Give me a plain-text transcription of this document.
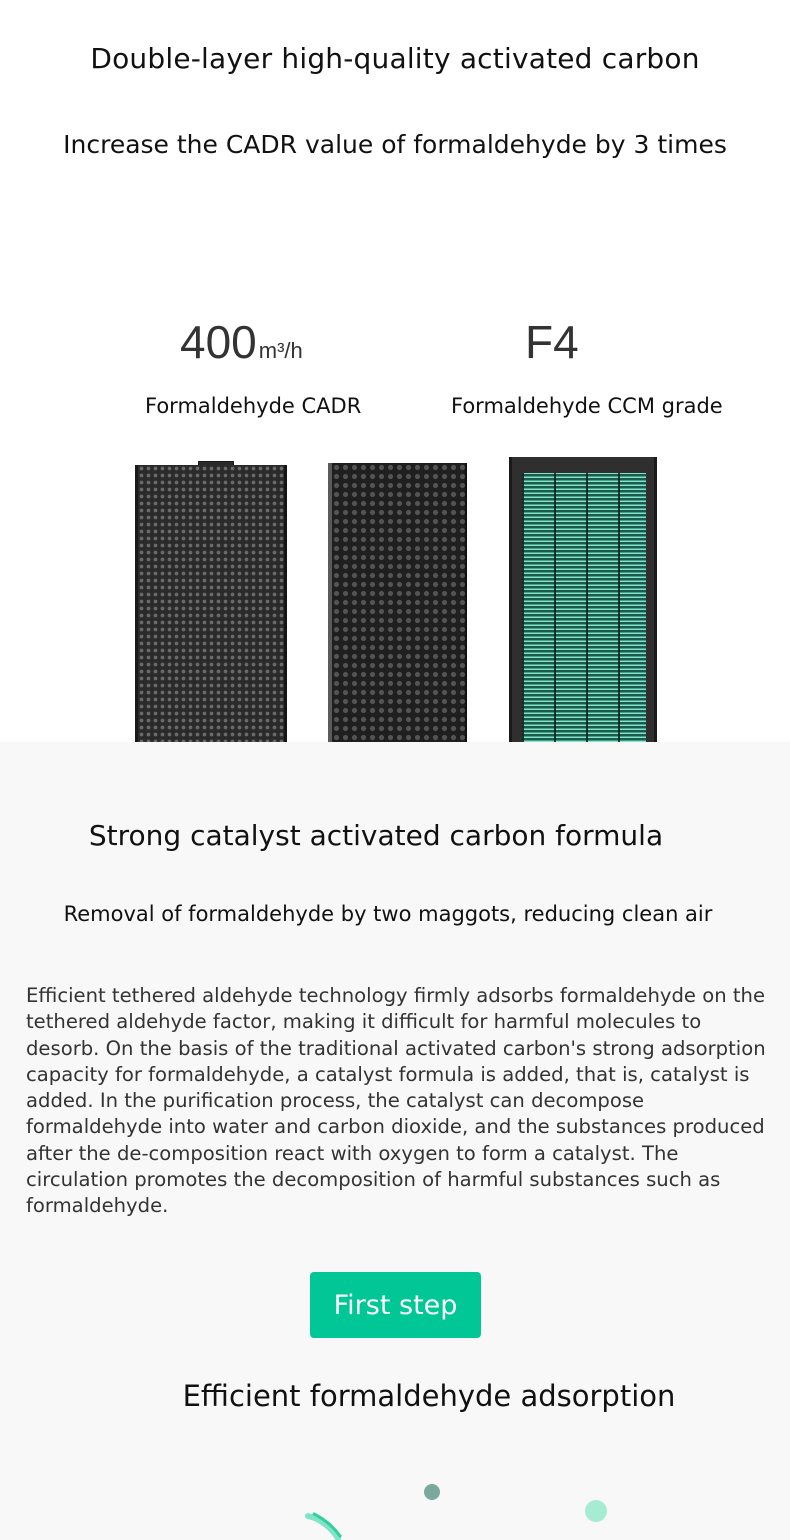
Double-layer high-quality activated carbon
Increase the CADR value of formaldehyde by 3 times
400m³/h	F4
Formaldehyde CADR	Formaldehyde CCM grade
Strong catalyst activated carbon formula
Removal of formaldehyde by two maggots, reducing clean air
Efficient tethered aldehyde technology firmly adsorbs formaldehyde on the tethered aldehyde factor, making it difficult for harmful molecules to desorb. On the basis of the traditional activated carbon's strong adsorption capacity for formaldehyde, a catalyst formula is added, that is, catalyst is added. In the purification process, the catalyst can decompose formaldehyde into water and carbon dioxide, and the substances produced after the de-composition react with oxygen to form a catalyst. The circulation promotes the decomposition of harmful substances such as formaldehyde.
First step
Efficient formaldehyde adsorption
